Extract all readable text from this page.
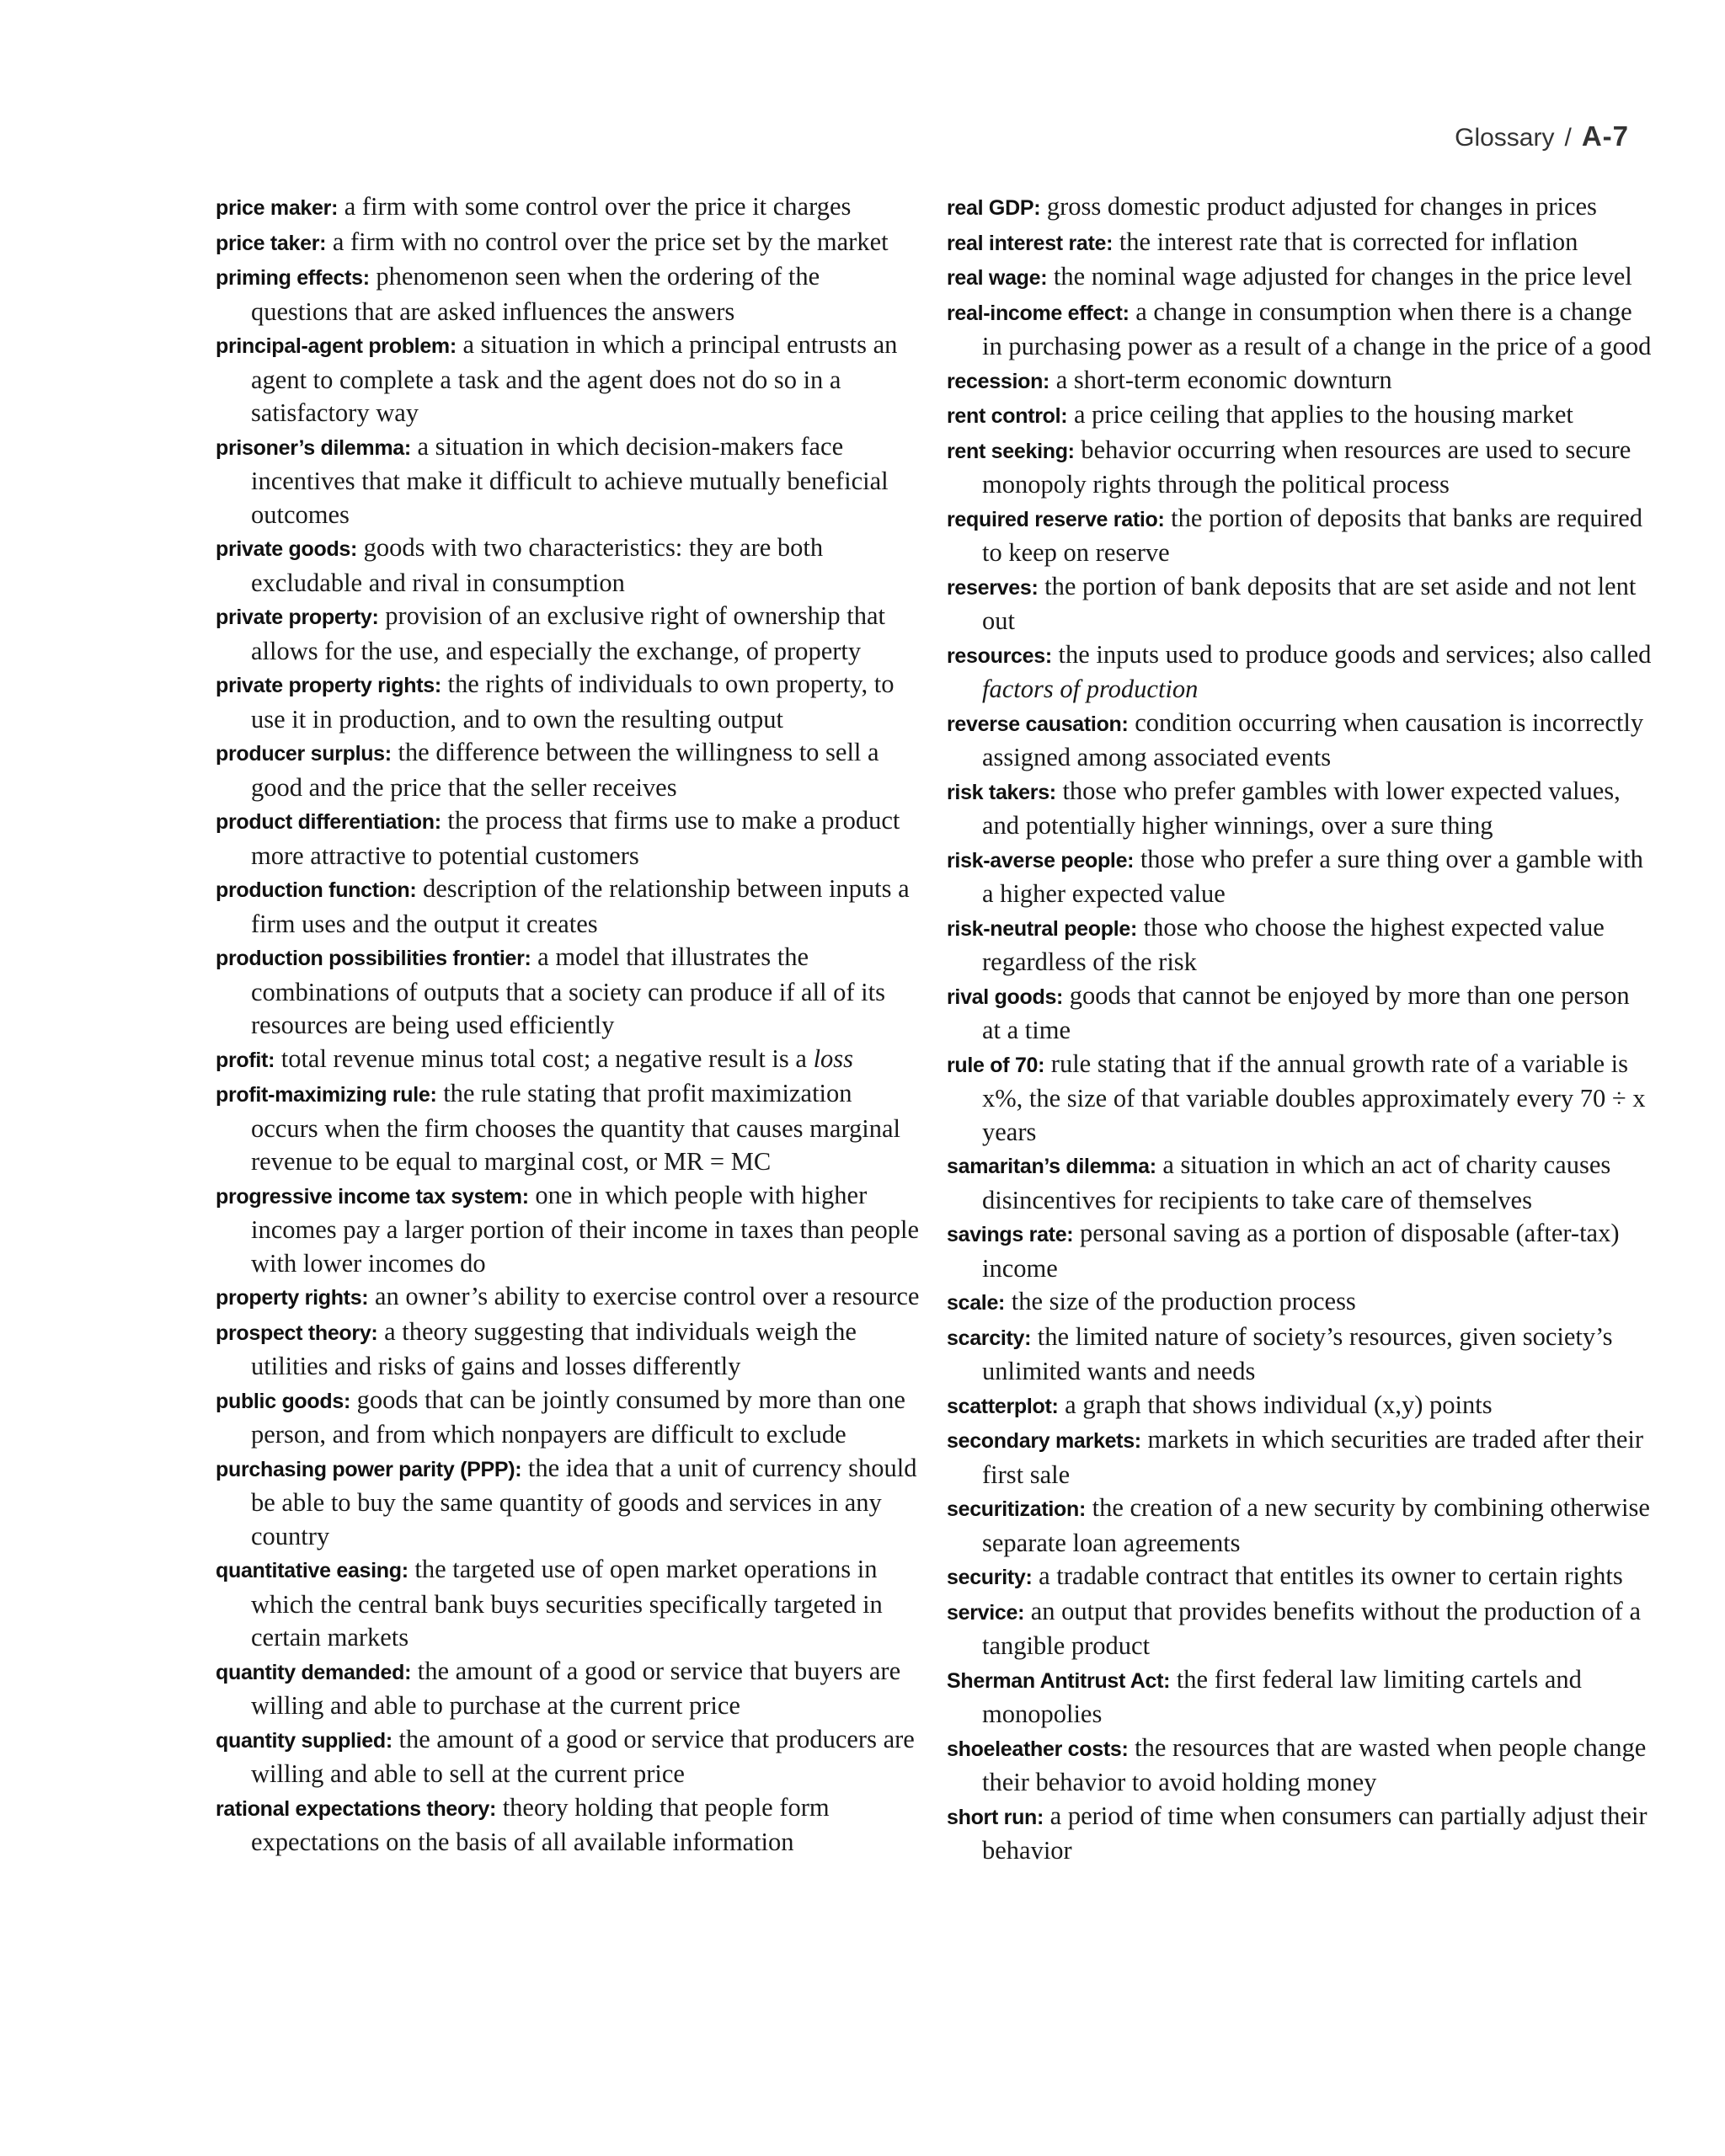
Glossary / A-7

price maker: a firm with some control over the price it charges

price taker: a firm with no control over the price set by the market

priming effects: phenomenon seen when the ordering of the questions that are asked influences the answers

principal-agent problem: a situation in which a principal entrusts an agent to complete a task and the agent does not do so in a satisfactory way

prisoner’s dilemma: a situation in which decision-makers face incentives that make it difficult to achieve mutually beneficial outcomes

private goods: goods with two characteristics: they are both excludable and rival in consumption

private property: provision of an exclusive right of ownership that allows for the use, and especially the exchange, of property

private property rights: the rights of individuals to own property, to use it in production, and to own the resulting output

producer surplus: the difference between the willingness to sell a good and the price that the seller receives

product differentiation: the process that firms use to make a product more attractive to potential customers

production function: description of the relationship between inputs a firm uses and the output it creates

production possibilities frontier: a model that illustrates the combinations of outputs that a society can produce if all of its resources are being used efficiently

profit: total revenue minus total cost; a negative result is a loss

profit-maximizing rule: the rule stating that profit maximization occurs when the firm chooses the quantity that causes marginal revenue to be equal to marginal cost, or MR = MC

progressive income tax system: one in which people with higher incomes pay a larger portion of their income in taxes than people with lower incomes do

property rights: an owner’s ability to exercise control over a resource

prospect theory: a theory suggesting that individuals weigh the utilities and risks of gains and losses differently

public goods: goods that can be jointly consumed by more than one person, and from which nonpayers are difficult to exclude

purchasing power parity (PPP): the idea that a unit of currency should be able to buy the same quantity of goods and services in any country

quantitative easing: the targeted use of open market operations in which the central bank buys securities specifically targeted in certain markets

quantity demanded: the amount of a good or service that buyers are willing and able to purchase at the current price

quantity supplied: the amount of a good or service that producers are willing and able to sell at the current price

rational expectations theory: theory holding that people form expectations on the basis of all available information

real GDP: gross domestic product adjusted for changes in prices

real interest rate: the interest rate that is corrected for inflation

real wage: the nominal wage adjusted for changes in the price level

real-income effect: a change in consumption when there is a change in purchasing power as a result of a change in the price of a good

recession: a short-term economic downturn

rent control: a price ceiling that applies to the housing market

rent seeking: behavior occurring when resources are used to secure monopoly rights through the political process

required reserve ratio: the portion of deposits that banks are required to keep on reserve

reserves: the portion of bank deposits that are set aside and not lent out

resources: the inputs used to produce goods and services; also called factors of production

reverse causation: condition occurring when causation is incorrectly assigned among associated events

risk takers: those who prefer gambles with lower expected values, and potentially higher winnings, over a sure thing

risk-averse people: those who prefer a sure thing over a gamble with a higher expected value

risk-neutral people: those who choose the highest expected value regardless of the risk

rival goods: goods that cannot be enjoyed by more than one person at a time

rule of 70: rule stating that if the annual growth rate of a variable is x%, the size of that variable doubles approximately every 70 ÷ x years

samaritan’s dilemma: a situation in which an act of charity causes disincentives for recipients to take care of themselves

savings rate: personal saving as a portion of disposable (after-tax) income

scale: the size of the production process

scarcity: the limited nature of society’s resources, given society’s unlimited wants and needs

scatterplot: a graph that shows individual (x,y) points

secondary markets: markets in which securities are traded after their first sale

securitization: the creation of a new security by combining otherwise separate loan agreements

security: a tradable contract that entitles its owner to certain rights

service: an output that provides benefits without the production of a tangible product

Sherman Antitrust Act: the first federal law limiting cartels and monopolies

shoeleather costs: the resources that are wasted when people change their behavior to avoid holding money

short run: a period of time when consumers can partially adjust their behavior
